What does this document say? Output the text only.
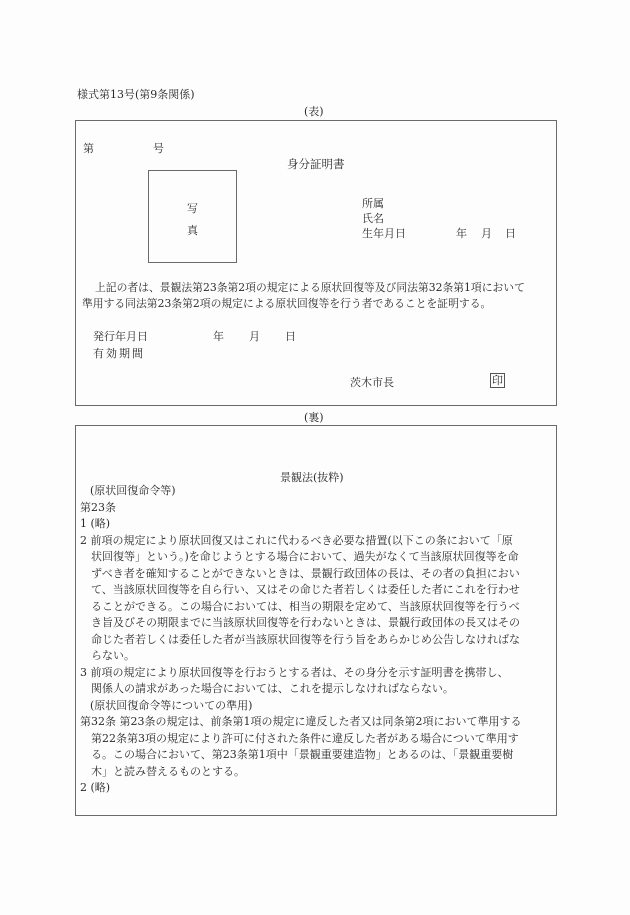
様式第13号(第9条関係)
(表)
第	号
身分証明書
写
真
所属
氏名
生年月日	年 月 日
上記の者は、景観法第23条第2項の規定による原状回復等及び同法第32条第1項において
準用する同法第23条第2項の規定による原状回復等を行う者であることを証明する。
発行年月日	年 月 日
有効期間
茨木市長	印
(裏)
景観法(抜粋)
(原状回復命令等)
第23条
1 (略)
2 前項の規定により原状回復又はこれに代わるべき必要な措置(以下この条において「原
状回復等」という。)を命じようとする場合において、過失がなくて当該原状回復等を命
ずべき者を確知することができないときは、景観行政団体の長は、その者の負担におい
て、当該原状回復等を自ら行い、又はその命じた者若しくは委任した者にこれを行わせ
ることができる。この場合においては、相当の期限を定めて、当該原状回復等を行うべ
き旨及びその期限までに当該原状回復等を行わないときは、景観行政団体の長又はその
命じた者若しくは委任した者が当該原状回復等を行う旨をあらかじめ公告しなければな
らない。
3 前項の規定により原状回復等を行おうとする者は、その身分を示す証明書を携帯し、
関係人の請求があった場合においては、これを提示しなければならない。
(原状回復命令等についての準用)
第32条 第23条の規定は、前条第1項の規定に違反した者又は同条第2項において準用する
第22条第3項の規定により許可に付された条件に違反した者がある場合について準用す
る。この場合において、第23条第1項中「景観重要建造物」とあるのは、「景観重要樹
木」と読み替えるものとする。
2 (略)
